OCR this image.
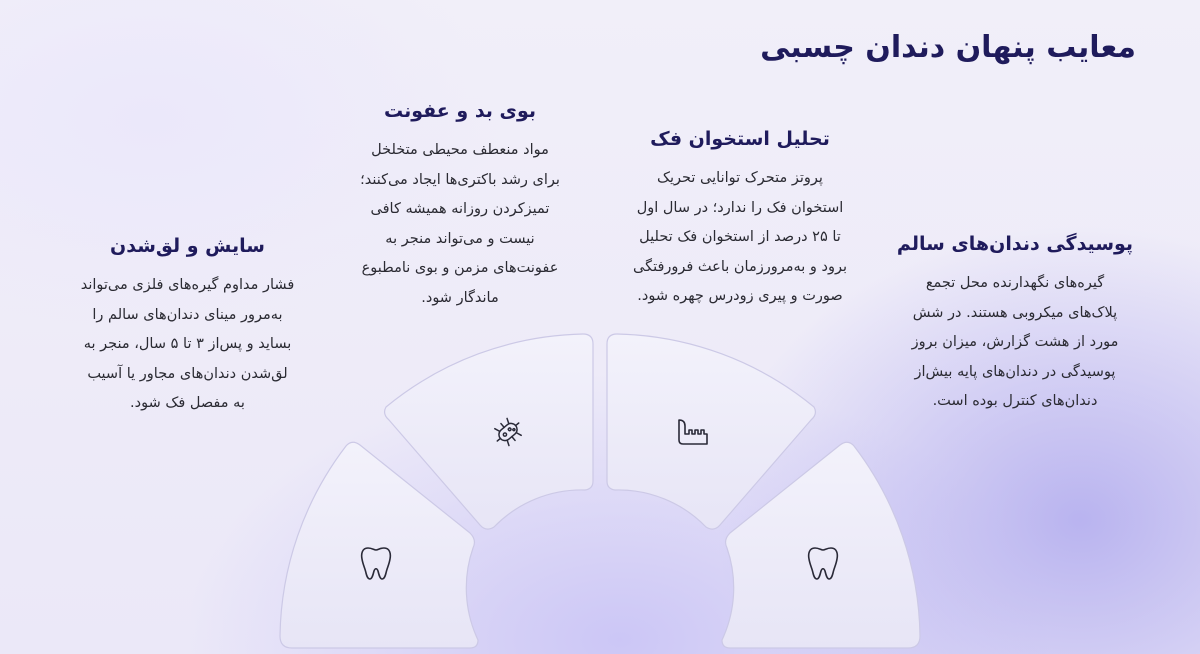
معایب پنهان دندان چسبی
پوسیدگی دندان‌های سالم

گیره‌های نگهدارنده محل تجمع
پلاک‌های میکروبی هستند. در شش
مورد از هشت گزارش، میزان بروز
پوسیدگی در دندان‌های پایه بیش‌از
دندان‌های کنترل بوده است.

تحلیل استخوان فک

پروتز متحرک توانایی تحریک
استخوان فک را ندارد؛ در سال اول
تا ۲۵ درصد از استخوان فک تحلیل
برود و به‌مرورزمان باعث فرورفتگی
صورت و پیری زودرس چهره شود.

بوی بد و عفونت

مواد منعطف محیطی متخلخل
برای رشد باکتری‌ها ایجاد می‌کنند؛
تمیزکردن روزانه همیشه کافی
نیست و می‌تواند منجر به
عفونت‌های مزمن و بوی نامطبوع
ماندگار شود.

سایش و لق‌شدن

فشار مداوم گیره‌های فلزی می‌تواند
به‌مرور مینای دندان‌های سالم را
بساید و پس‌از ۳ تا ۵ سال، منجر به
لق‌شدن دندان‌های مجاور یا آسیب
به مفصل فک شود.
